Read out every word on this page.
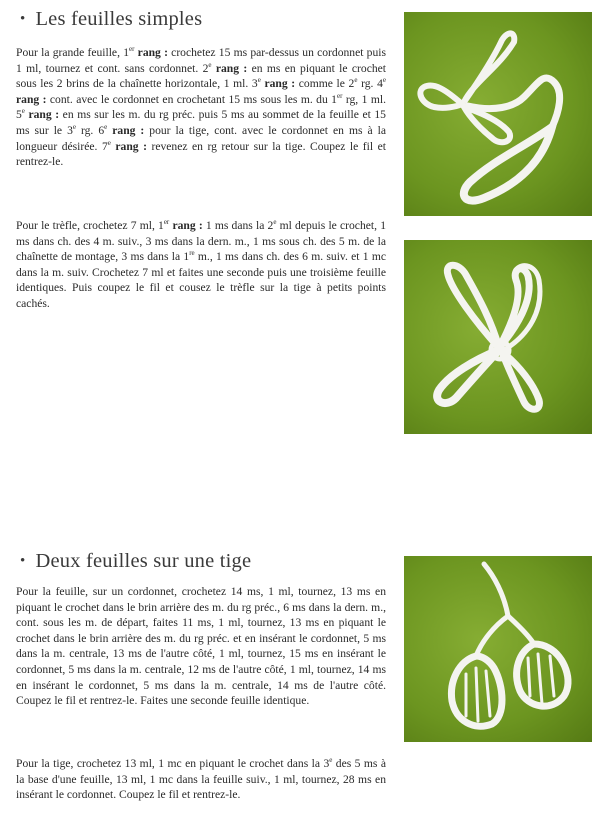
• Les feuilles simples

Pour la grande feuille, 1er rang : crochetez 15 ms par-dessus un cordonnet puis 1 ml, tournez et cont. sans cordonnet. 2e rang : en ms en piquant le crochet sous les 2 brins de la chaînette horizontale, 1 ml. 3e rang : comme le 2e rg. 4e rang : cont. avec le cordonnet en crochetant 15 ms sous les m. du 1er rg, 1 ml. 5e rang : en ms sur les m. du rg préc. puis 5 ms au sommet de la feuille et 15 ms sur le 3e rg. 6e rang : pour la tige, cont. avec le cordonnet en ms à la longueur désirée. 7e rang : revenez en rg retour sur la tige. Coupez le fil et rentrez-le.

Pour le trèfle, crochetez 7 ml, 1er rang : 1 ms dans la 2e ml depuis le crochet, 1 ms dans ch. des 4 m. suiv., 3 ms dans la dern. m., 1 ms sous ch. des 5 m. de la chaînette de montage, 3 ms dans la 1re m., 1 ms dans ch. des 6 m. suiv. et 1 mc dans la m. suiv. Crochetez 7 ml et faites une seconde puis une troisième feuille identiques. Puis coupez le fil et cousez le trèfle sur la tige à petits points cachés.

• Deux feuilles sur une tige

Pour la feuille, sur un cordonnet, crochetez 14 ms, 1 ml, tournez, 13 ms en piquant le crochet dans le brin arrière des m. du rg préc., 6 ms dans la dern. m., cont. sous les m. de départ, faites 11 ms, 1 ml, tournez, 13 ms en piquant le crochet dans le brin arrière des m. du rg préc. et en insérant le cordonnet, 5 ms dans la m. centrale, 13 ms de l'autre côté, 1 ml, tournez, 15 ms en insérant le cordonnet, 5 ms dans la m. centrale, 12 ms de l'autre côté, 1 ml, tournez, 14 ms en insérant le cordonnet, 5 ms dans la m. centrale, 14 ms de l'autre côté. Coupez le fil et rentrez-le. Faites une seconde feuille identique.

Pour la tige, crochetez 13 ml, 1 mc en piquant le crochet dans la 3e des 5 ms à la base d'une feuille, 13 ml, 1 mc dans la feuille suiv., 1 ml, tournez, 28 ms en insérant le cordonnet. Coupez le fil et rentrez-le.
